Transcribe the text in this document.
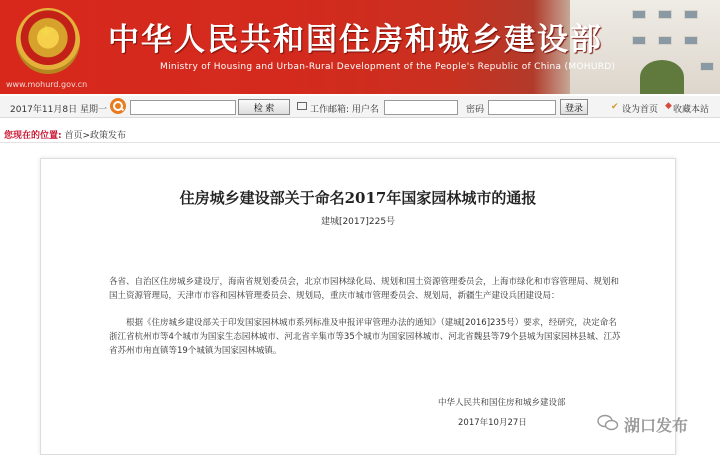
★
www.mohurd.gov.cn
中华人民共和国住房和城乡建设部
Ministry of Housing and Urban-Rural Development of the People's Republic of China (MOHURD)
2017年11月8日 星期一	检 索	工作邮箱: 用户名	密码	登录	✔ 设为首页 ◆ 收藏本站
您现在的位置: 首页>政策发布
住房城乡建设部关于命名2017年国家园林城市的通报
建城[2017]225号
各省、自治区住房城乡建设厅，海南省规划委员会，北京市园林绿化局、规划和国土资源管理委员会，上海市绿化和市容管理局、规划和国土资源管理局，天津市市容和园林管理委员会、规划局，重庆市城市管理委员会、规划局，新疆生产建设兵团建设局：
根据《住房城乡建设部关于印发国家园林城市系列标准及申报评审管理办法的通知》（建城[2016]235号）要求，经研究，决定命名浙江省杭州市等4个城市为国家生态园林城市、河北省辛集市等35个城市为国家园林城市、河北省魏县等79个县城为国家园林县城、江苏省苏州市甪直镇等19个城镇为国家园林城镇。
中华人民共和国住房和城乡建设部
2017年10月27日	湖口发布
